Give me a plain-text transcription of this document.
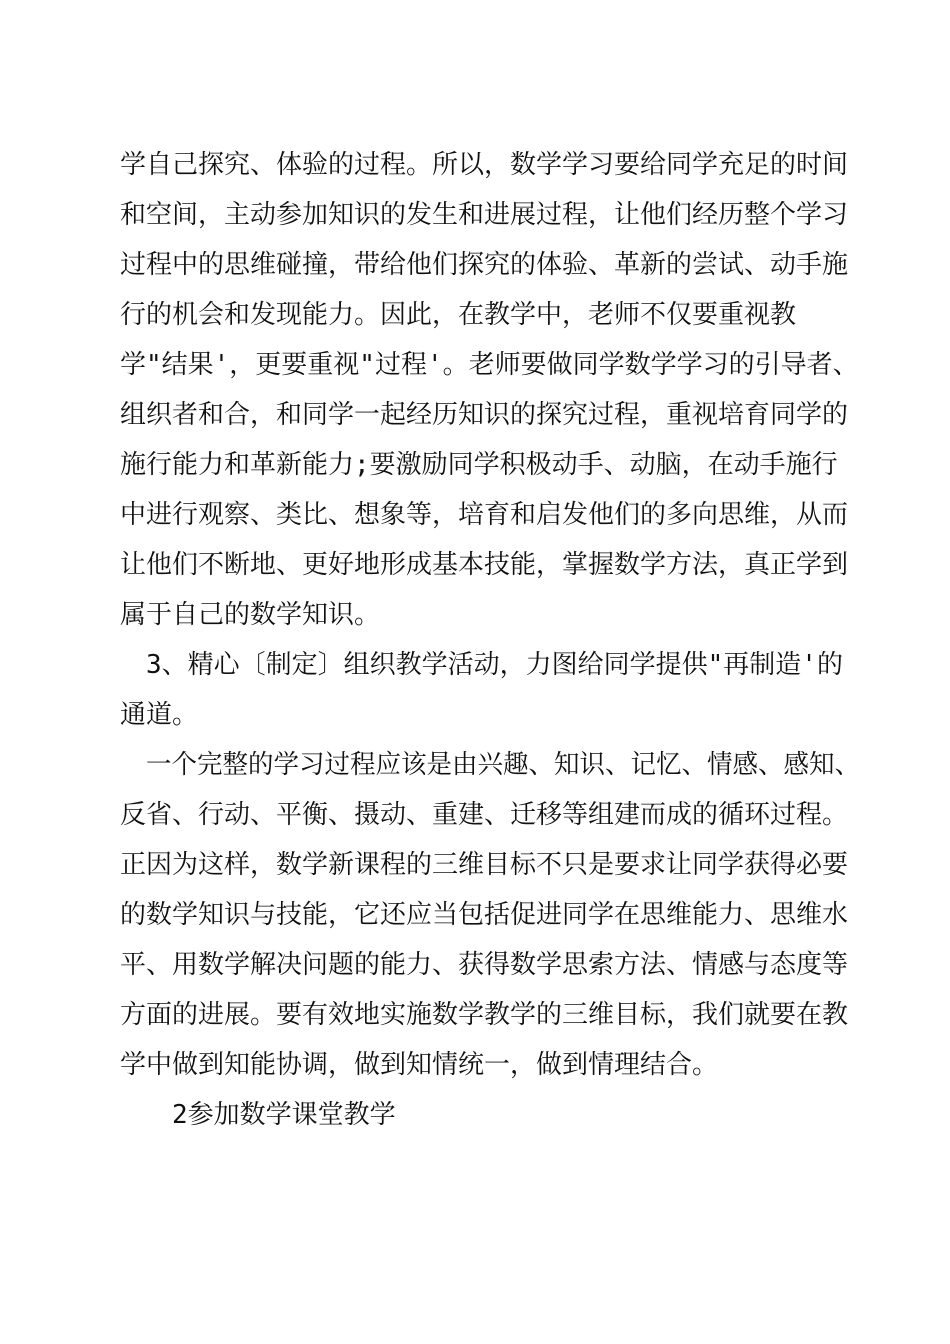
学自己探究、体验的过程。所以，数学学习要给同学充足的时间
和空间，主动参加知识的发生和进展过程，让他们经历整个学习
过程中的思维碰撞，带给他们探究的体验、革新的尝试、动手施
行的机会和发现能力。因此，在教学中，老师不仅要重视教
学"结果'，更要重视"过程'。老师要做同学数学学习的引导者、
组织者和合，和同学一起经历知识的探究过程，重视培育同学的
施行能力和革新能力;要激励同学积极动手、动脑，在动手施行
中进行观察、类比、想象等，培育和启发他们的多向思维，从而
让他们不断地、更好地形成基本技能，掌握数学方法，真正学到
属于自己的数学知识。
3、精心〔制定〕组织教学活动，力图给同学提供"再制造'的
通道。
一个完整的学习过程应该是由兴趣、知识、记忆、情感、感知、
反省、行动、平衡、摄动、重建、迁移等组建而成的循环过程。
正因为这样，数学新课程的三维目标不只是要求让同学获得必要
的数学知识与技能，它还应当包括促进同学在思维能力、思维水
平、用数学解决问题的能力、获得数学思索方法、情感与态度等
方面的进展。要有效地实施数学教学的三维目标，我们就要在教
学中做到知能协调，做到知情统一，做到情理结合。
2参加数学课堂教学
